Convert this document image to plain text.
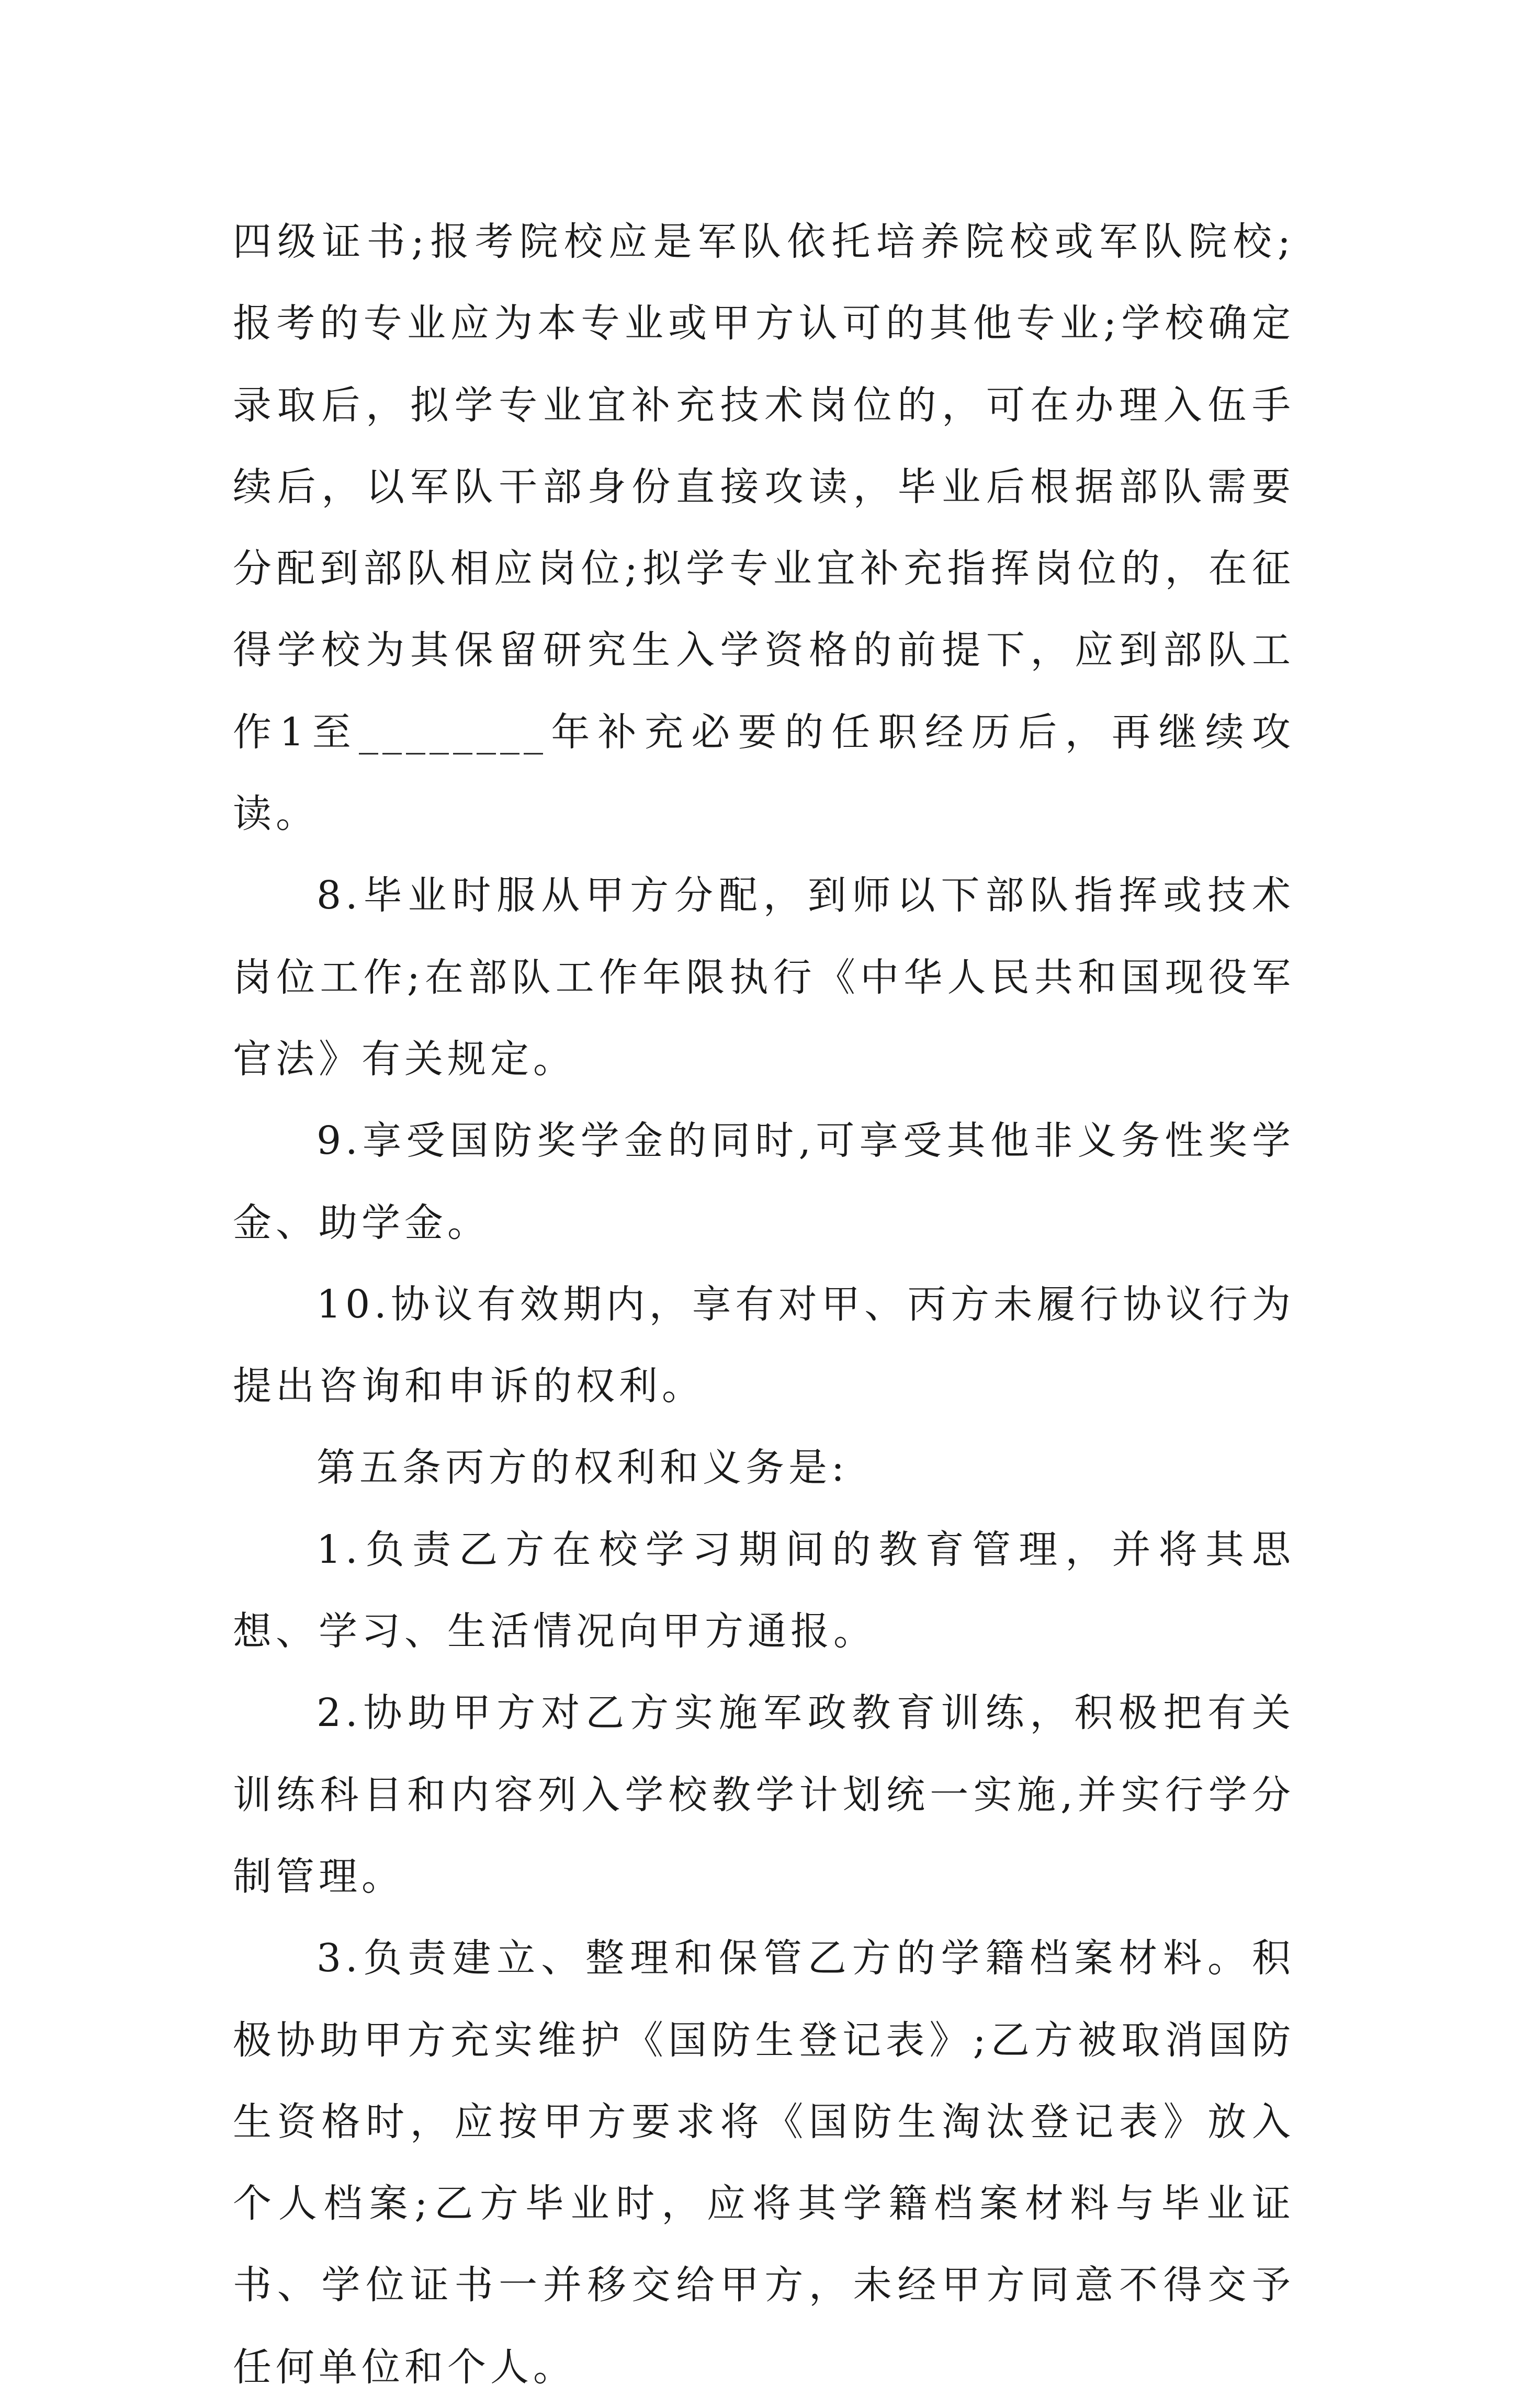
四级证书;报考院校应是军队依托培养院校或军队院校;报考的专业应为本专业或甲方认可的其他专业;学校确定录取后，拟学专业宜补充技术岗位的，可在办理入伍手续后，以军队干部身份直接攻读，毕业后根据部队需要分配到部队相应岗位;拟学专业宜补充指挥岗位的，在征得学校为其保留研究生入学资格的前提下，应到部队工作1至________年补充必要的任职经历后，再继续攻读。

8.毕业时服从甲方分配，到师以下部队指挥或技术岗位工作;在部队工作年限执行《中华人民共和国现役军官法》有关规定。

9.享受国防奖学金的同时,可享受其他非义务性奖学金、助学金。

10.协议有效期内，享有对甲、丙方未履行协议行为提出咨询和申诉的权利。

第五条丙方的权利和义务是:

1.负责乙方在校学习期间的教育管理，并将其思想、学习、生活情况向甲方通报。

2.协助甲方对乙方实施军政教育训练，积极把有关训练科目和内容列入学校教学计划统一实施,并实行学分制管理。

3.负责建立、整理和保管乙方的学籍档案材料。积极协助甲方充实维护《国防生登记表》;乙方被取消国防生资格时，应按甲方要求将《国防生淘汰登记表》放入个人档案;乙方毕业时，应将其学籍档案材料与毕业证书、学位证书一并移交给甲方，未经甲方同意不得交予任何单位和个人。
